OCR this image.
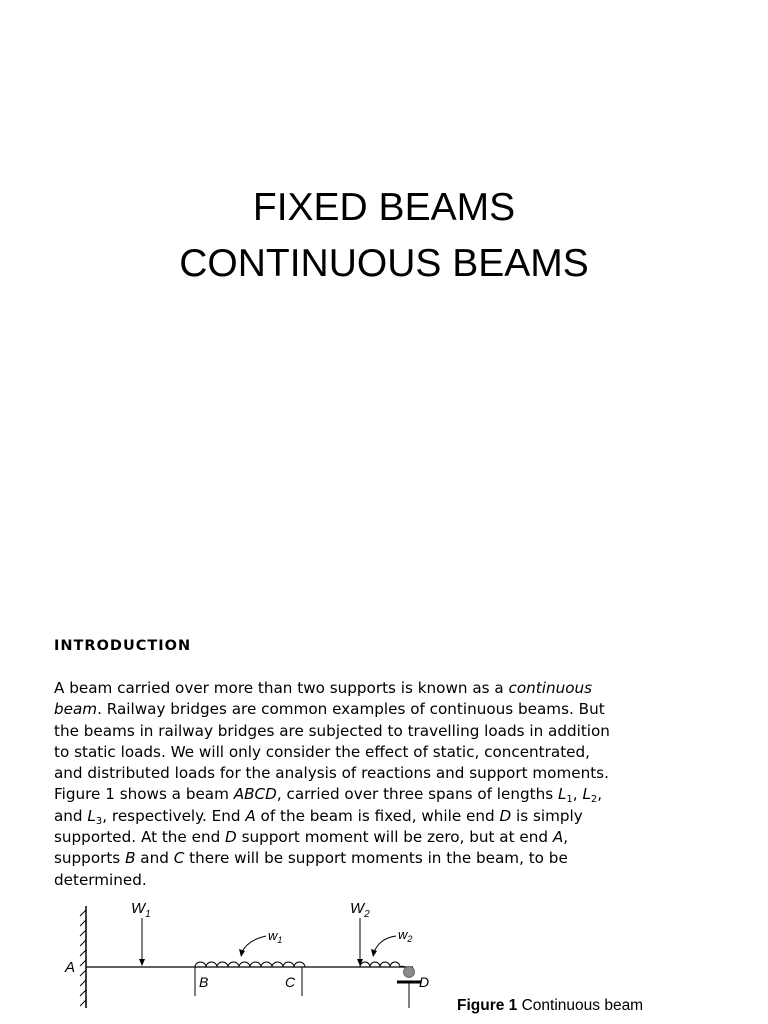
FIXED BEAMS
CONTINUOUS BEAMS
INTRODUCTION
A beam carried over more than two supports is known as a continuous
beam. Railway bridges are common examples of continuous beams. But
the beams in railway bridges are subjected to travelling loads in addition
to static loads. We will only consider the effect of static, concentrated,
and distributed loads for the analysis of reactions and support moments.
Figure 1 shows a beam ABCD, carried over three spans of lengths $L_1$, $L_2$,
and $L_3$, respectively. End A of the beam is fixed, while end D is simply
supported. At the end D support moment will be zero, but at end A,
supports B and C there will be support moments in the beam, to be
determined.
$W_1$	$W_2$
$w_1$	$w_2$
A
B	C	D
Figure 1 Continuous beam
